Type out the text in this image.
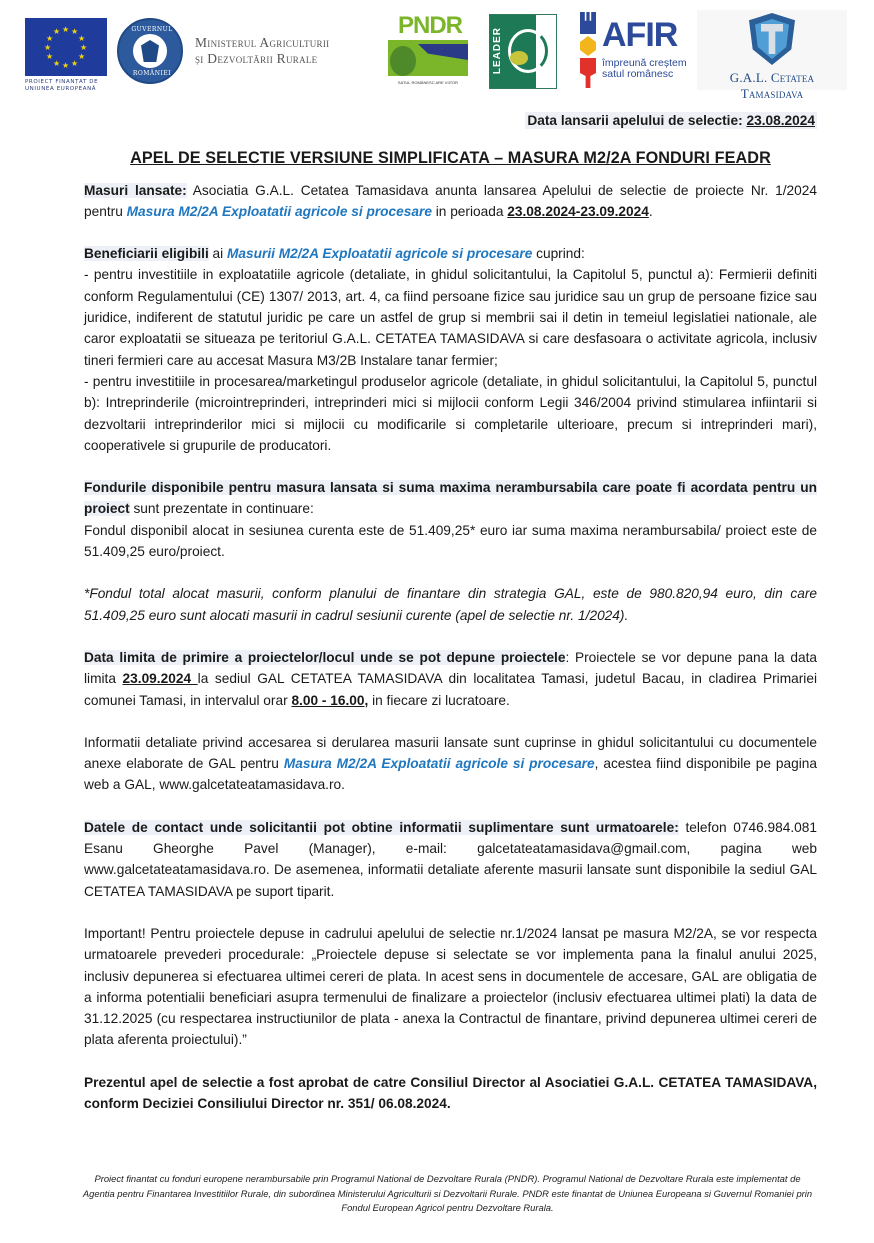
★ ★
★
★
★
★
★
★
★
★
★
★
PROIECT FINANȚAT DE
UNIUNEA EUROPEANĂ
GUVERNUL
ROMÂNIEI
Ministerul Agriculturii
și Dezvoltării Rurale
PNDR
SATUL ROMÂNESC ARE VIITOR
LEADER	AFIR
împreună creștem
satul românesc	G.A.L. Cetatea Tamasidava

Data lansarii apelului de selectie: 23.08.2024

APEL DE SELECTIE VERSIUNE SIMPLIFICATA – MASURA M2/2A FONDURI FEADR

Masuri lansate: Asociatia G.A.L. Cetatea Tamasidava anunta lansarea Apelului de selectie de proiecte Nr. 1/2024 pentru Masura M2/2A Exploatatii agricole si procesare in perioada 23.08.2024-23.09.2024.

Beneficiarii eligibili ai Masurii M2/2A Exploatatii agricole si procesare cuprind:

- pentru investitiile in exploatatiile agricole (detaliate, in ghidul solicitantului, la Capitolul 5, punctul a): Fermierii definiti conform Regulamentului (CE) 1307/ 2013, art. 4, ca fiind persoane fizice sau juridice sau un grup de persoane fizice sau juridice, indiferent de statutul juridic pe care un astfel de grup si membrii sai il detin in temeiul legislatiei nationale, ale caror exploatatii se situeaza pe teritoriul G.A.L. CETATEA TAMASIDAVA si care desfasoara o activitate agricola, inclusiv tineri fermieri care au accesat Masura M3/2B Instalare tanar fermier;

- pentru investitiile in procesarea/marketingul produselor agricole (detaliate, in ghidul solicitantului, la Capitolul 5, punctul b): Intreprinderile (microintreprinderi, intreprinderi mici si mijlocii conform Legii 346/2004 privind stimularea infiintarii si dezvoltarii intreprinderilor mici si mijlocii cu modificarile si completarile ulterioare, precum si intreprinderi mari), cooperativele si grupurile de producatori.

Fondurile disponibile pentru masura lansata si suma maxima nerambursabila care poate fi acordata pentru un proiect sunt prezentate in continuare:

Fondul disponibil alocat in sesiunea curenta este de 51.409,25* euro iar suma maxima nerambursabila/ proiect este de 51.409,25 euro/proiect.

*Fondul total alocat masurii, conform planului de finantare din strategia GAL, este de 980.820,94 euro, din care 51.409,25 euro sunt alocati masurii in cadrul sesiunii curente (apel de selectie nr. 1/2024).

Data limita de primire a proiectelor/locul unde se pot depune proiectele: Proiectele se vor depune pana la data limita 23.09.2024 la sediul GAL CETATEA TAMASIDAVA din localitatea Tamasi, judetul Bacau, in cladirea Primariei comunei Tamasi, in intervalul orar 8.00 - 16.00, in fiecare zi lucratoare.

Informatii detaliate privind accesarea si derularea masurii lansate sunt cuprinse in ghidul solicitantului cu documentele anexe elaborate de GAL pentru Masura M2/2A Exploatatii agricole si procesare, acestea fiind disponibile pe pagina web a GAL, www.galcetateatamasidava.ro.

Datele de contact unde solicitantii pot obtine informatii suplimentare sunt urmatoarele: telefon 0746.984.081 Esanu Gheorghe Pavel (Manager), e-mail: galcetateatamasidava@gmail.com, pagina web www.galcetateatamasidava.ro. De asemenea, informatii detaliate aferente masurii lansate sunt disponibile la sediul GAL CETATEA TAMASIDAVA pe suport tiparit.

Important! Pentru proiectele depuse in cadrului apelului de selectie nr.1/2024 lansat pe masura M2/2A, se vor respecta urmatoarele prevederi procedurale: „Proiectele depuse si selectate se vor implementa pana la finalul anului 2025, inclusiv depunerea si efectuarea ultimei cereri de plata. In acest sens in documentele de accesare, GAL are obligatia de a informa potentialii beneficiari asupra termenului de finalizare a proiectelor (inclusiv efectuarea ultimei plati) la data de 31.12.2025 (cu respectarea instructiunilor de plata - anexa la Contractul de finantare, privind depunerea ultimei cereri de plata aferenta proiectului).”

Prezentul apel de selectie a fost aprobat de catre Consiliul Director al Asociatiei G.A.L. CETATEA TAMASIDAVA, conform Deciziei Consiliului Director nr. 351/ 06.08.2024.

Proiect finantat cu fonduri europene nerambursabile prin Programul National de Dezvoltare Rurala (PNDR). Programul National de Dezvoltare Rurala este implementat de Agentia pentru Finantarea Investitiilor Rurale, din subordinea Ministerului Agriculturii si Dezvoltarii Rurale. PNDR este finantat de Uniunea Europeana si Guvernul Romaniei prin Fondul European Agricol pentru Dezvoltare Rurala.
